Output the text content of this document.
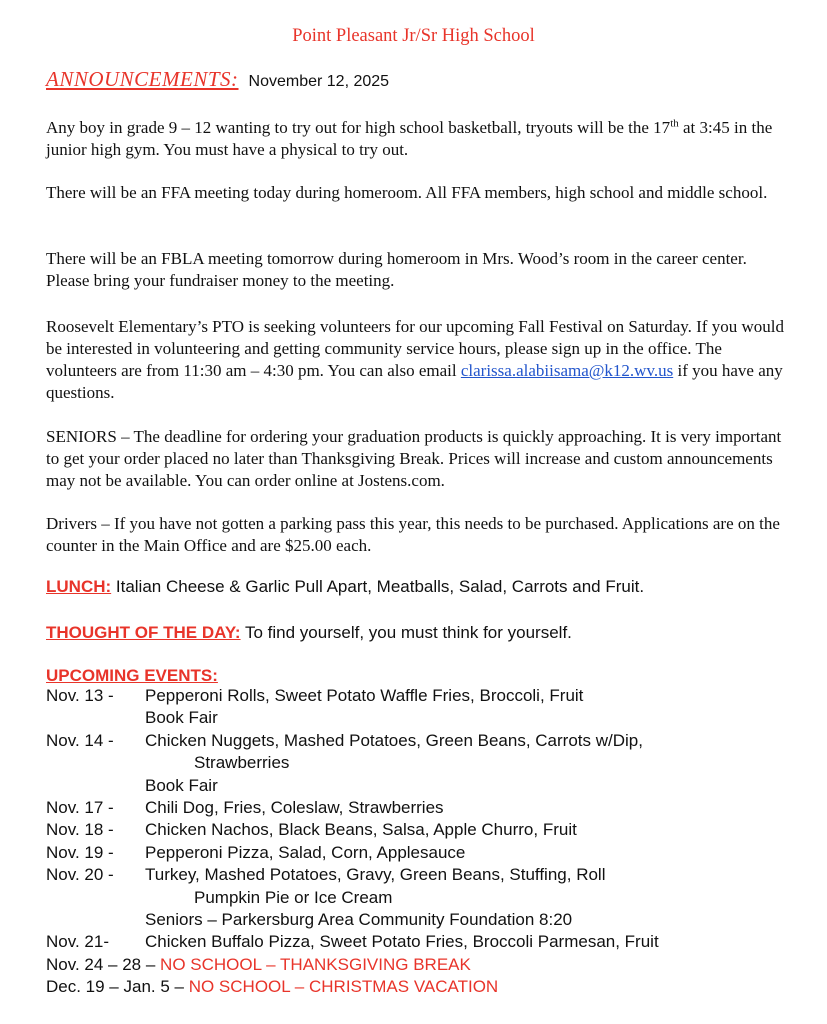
Point Pleasant Jr/Sr High School
ANNOUNCEMENTS: November 12, 2025

Any boy in grade 9 – 12 wanting to try out for high school basketball, tryouts will be the 17th at 3:45 in the junior high gym. You must have a physical to try out.

There will be an FFA meeting today during homeroom. All FFA members, high school and middle school.

There will be an FBLA meeting tomorrow during homeroom in Mrs. Wood’s room in the career center. Please bring your fundraiser money to the meeting.

Roosevelt Elementary’s PTO is seeking volunteers for our upcoming Fall Festival on Saturday. If you would be interested in volunteering and getting community service hours, please sign up in the office. The volunteers are from 11:30 am – 4:30 pm. You can also email clarissa.alabiisama@k12.wv.us if you have any questions.

SENIORS – The deadline for ordering your graduation products is quickly approaching. It is very important to get your order placed no later than Thanksgiving Break. Prices will increase and custom announcements may not be available. You can order online at Jostens.com.

Drivers – If you have not gotten a parking pass this year, this needs to be purchased. Applications are on the counter in the Main Office and are $25.00 each.

LUNCH: Italian Cheese & Garlic Pull Apart, Meatballs, Salad, Carrots and Fruit.
THOUGHT OF THE DAY: To find yourself, you must think for yourself.
UPCOMING EVENTS:
Nov. 13 -	Pepperoni Rolls, Sweet Potato Waffle Fries, Broccoli, Fruit
Book Fair
Nov. 14 -	Chicken Nuggets, Mashed Potatoes, Green Beans, Carrots w/Dip,
Strawberries
Book Fair
Nov. 17 -	Chili Dog, Fries, Coleslaw, Strawberries
Nov. 18 -	Chicken Nachos, Black Beans, Salsa, Apple Churro, Fruit
Nov. 19 -	Pepperoni Pizza, Salad, Corn, Applesauce
Nov. 20 -	Turkey, Mashed Potatoes, Gravy, Green Beans, Stuffing, Roll
Pumpkin Pie or Ice Cream
Seniors – Parkersburg Area Community Foundation 8:20
Nov. 21-	Chicken Buffalo Pizza, Sweet Potato Fries, Broccoli Parmesan, Fruit
Nov. 24 – 28 – NO SCHOOL – THANKSGIVING BREAK
Dec. 19 – Jan. 5 – NO SCHOOL – CHRISTMAS VACATION
